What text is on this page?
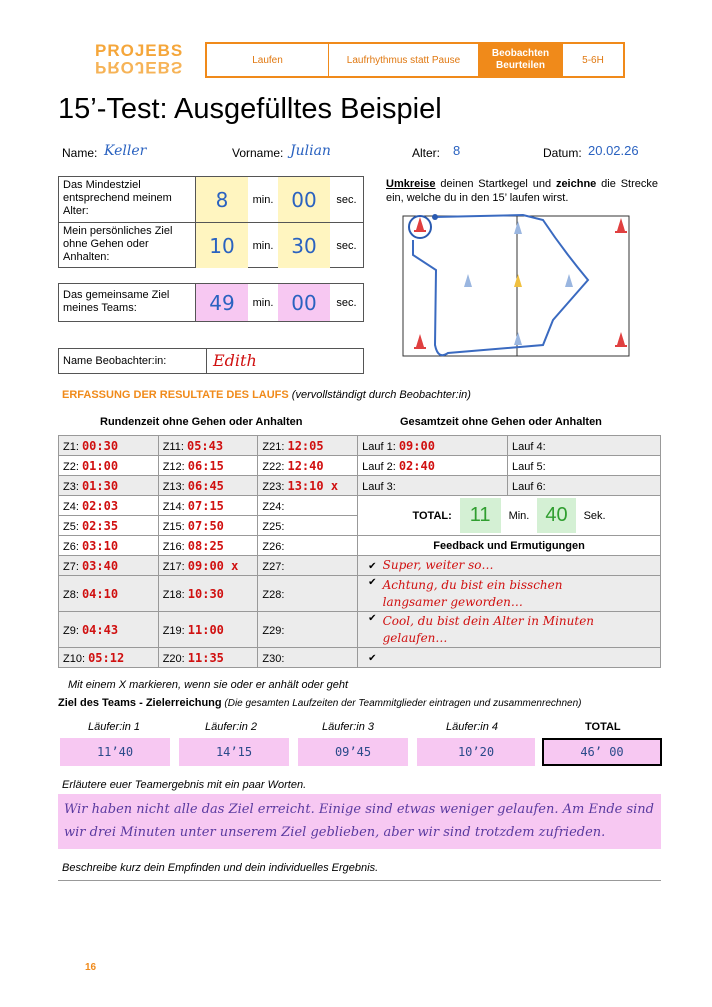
PROJEBS
PROJEBS	Laufen	Laufrhythmus statt Pause
Beobachten
Beurteilen	5-6H
15’-Test: Ausgefülltes Beispiel
Name: Keller	Vorname: Julian	Alter: 8	Datum: 20.02.26
Das Mindestziel entsprechend meinem Alter:	8	min. 00	sec.
Mein persönliches Ziel ohne Gehen oder Anhalten:	10	min. 30	sec.
Das gemeinsame Ziel meines Teams:	49	min. 00	sec.
Name Beobachter:in:	Edith
Umkreise deinen Startkegel und zeichne die Strecke ein, welche du in den 15’ laufen wirst.
ERFASSUNG DER RESULTATE DES LAUFS (vervollständigt durch Beobachter:in)
Rundenzeit ohne Gehen oder Anhalten	Gesamtzeit ohne Gehen oder Anhalten
Z1: 00:30	Z11: 05:43	Z21: 12:05	Lauf 1: 09:00	Lauf 4:
Z2: 01:00	Z12: 06:15	Z22: 12:40	Lauf 2: 02:40	Lauf 5:
Z3: 01:30	Z13: 06:45	Z23: 13:10 x	Lauf 3:	Lauf 6:
Z4: 02:03	Z14: 07:15	Z24:	TOTAL: 11 Min. 40 Sek.	

Z5: 02:35	Z15: 07:50	Z25:		
Z6: 03:10	Z16: 08:25	Z26:	Feedback und Ermutigungen	
Z7: 03:40	Z17: 09:00 x	Z27:	✔ Super, weiter so…	
Z8: 04:10	Z18: 10:30	Z28:	✔
Achtung, du bist ein bisschen langsamer geworden…	

Z9: 04:43	Z19: 11:00	Z29:	✔
Cool, du bist dein Alter in Minuten gelaufen…	

Z10: 05:12	Z20: 11:35	Z30:	✔	
Mit einem X markieren, wenn sie oder er anhält oder geht
Ziel des Teams - Zielerreichung (Die gesamten Laufzeiten der Teammitglieder eintragen und zusammenrechnen)
Läufer:in 1	Läufer:in 2	Läufer:in 3	Läufer:in 4	TOTAL
11’40	14’15	09’45	10’20	46’ 00
Erläutere euer Teamergebnis mit ein paar Worten.
Wir haben nicht alle das Ziel erreicht. Einige sind etwas weniger gelaufen. Am Ende sind wir drei Minuten unter unserem Ziel geblieben, aber wir sind trotzdem zufrieden.
Beschreibe kurz dein Empfinden und dein individuelles Ergebnis.
16
